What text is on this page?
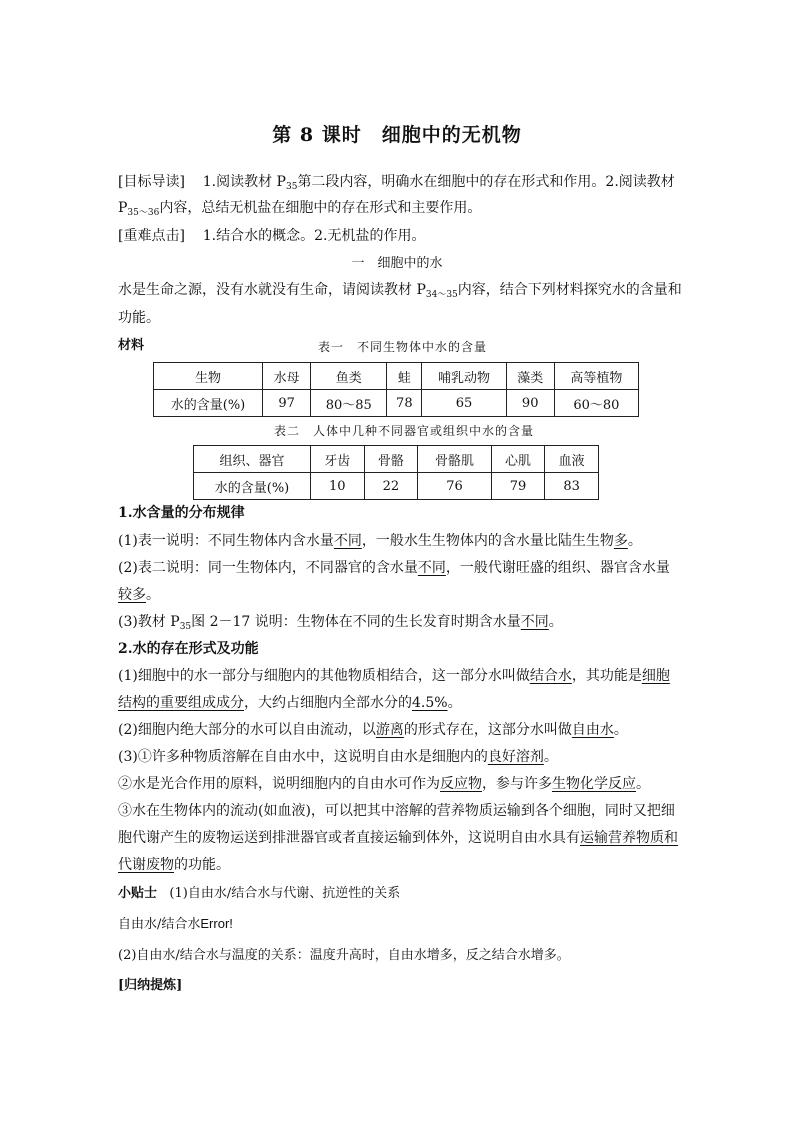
第 8 课时　细胞中的无机物
[目标导读] 1.阅读教材 $P_{35}$第二段内容，明确水在细胞中的存在形式和作用。2.阅读教材
$P_{35\sim 36}$内容，总结无机盐在细胞中的存在形式和主要作用。
[重难点击] 1.结合水的概念。2.无机盐的作用。
一　细胞中的水
水是生命之源，没有水就没有生命，请阅读教材 $P_{34\sim 35}$内容，结合下列材料探究水的含量和
功能。
材料	表一　不同生物体中水的含量
生物	水母	鱼类	蛙	哺乳动物	藻类	高等植物
水的含量(%)	97	80～85	78	65	90	60～80
表二　人体中几种不同器官或组织中水的含量
组织、器官	牙齿	骨骼	骨骼肌	心肌	血液
水的含量(%)	10	22	76	79	83
1.水含量的分布规律
(1)表一说明：不同生物体内含水量不同，一般水生生物体内的含水量比陆生生物多。
(2)表二说明：同一生物体内，不同器官的含水量不同，一般代谢旺盛的组织、器官含水量
较多。
(3)教材 $P_{35}$图 2－17 说明：生物体在不同的生长发育时期含水量不同。
2.水的存在形式及功能
(1)细胞中的水一部分与细胞内的其他物质相结合，这一部分水叫做结合水，其功能是细胞
结构的重要组成成分，大约占细胞内全部水分的4.5%。
(2)细胞内绝大部分的水可以自由流动，以游离的形式存在，这部分水叫做自由水。
(3)①许多种物质溶解在自由水中，这说明自由水是细胞内的良好溶剂。
②水是光合作用的原料，说明细胞内的自由水可作为反应物，参与许多生物化学反应。
③水在生物体内的流动(如血液)，可以把其中溶解的营养物质运输到各个细胞，同时又把细
胞代谢产生的废物运送到排泄器官或者直接运输到体外，这说明自由水具有运输营养物质和
代谢废物的功能。
小贴士 (1)自由水/结合水与代谢、抗逆性的关系
自由水/结合水Error!
(2)自由水/结合水与温度的关系：温度升高时，自由水增多，反之结合水增多。
[归纳提炼]
